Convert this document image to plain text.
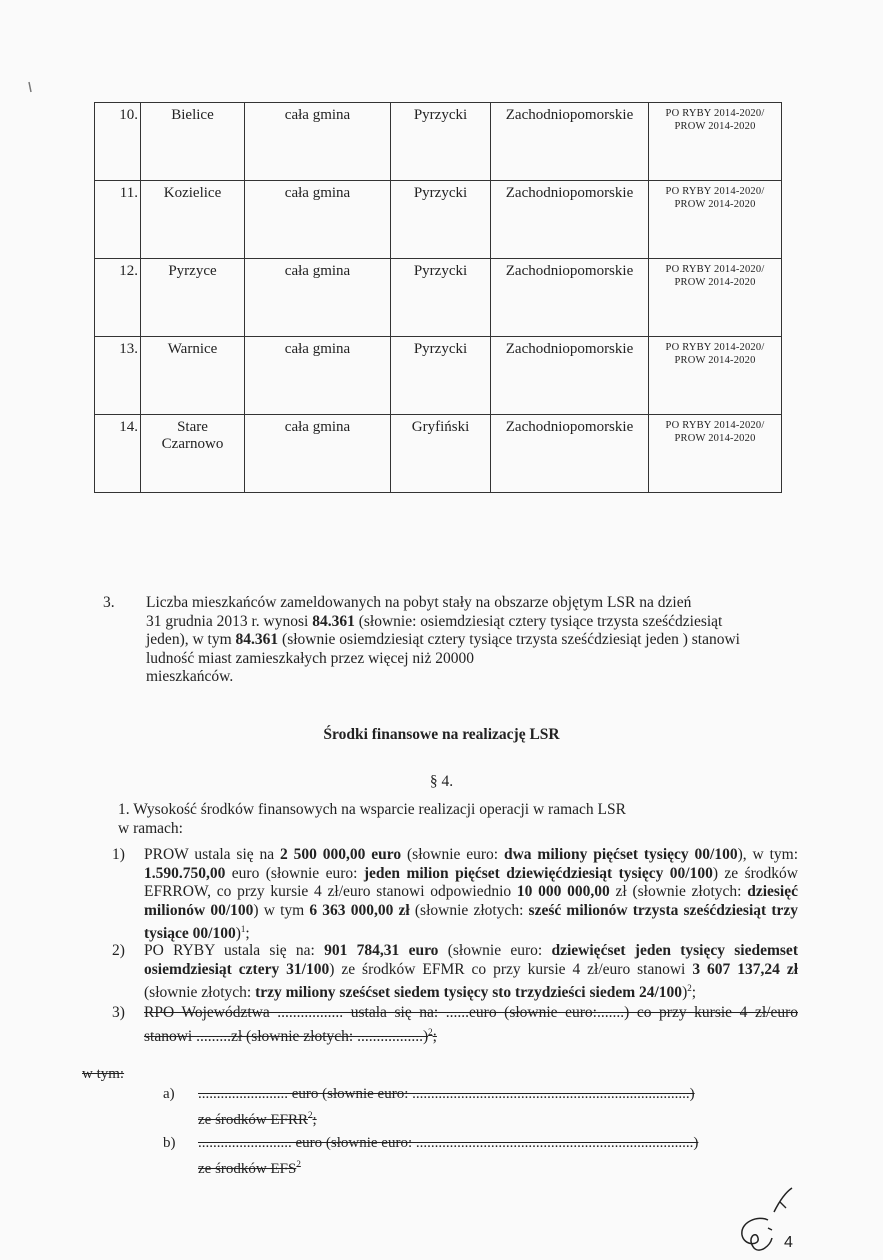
10.	Bielice	cała gmina	Pyrzycki	Zachodniopomorskie	PO RYBY 2014-2020/
PROW 2014-2020

11.	Kozielice	cała gmina	Pyrzycki	Zachodniopomorskie	PO RYBY 2014-2020/
PROW 2014-2020

12.	Pyrzyce	cała gmina	Pyrzycki	Zachodniopomorskie	PO RYBY 2014-2020/
PROW 2014-2020

13.	Warnice	cała gmina	Pyrzycki	Zachodniopomorskie	PO RYBY 2014-2020/
PROW 2014-2020

14.	Stare Czarnowo	cała gmina	Gryfiński	Zachodniopomorskie	PO RYBY 2014-2020/
PROW 2014-2020
3. Liczba mieszkańców zameldowanych na pobyt stały na obszarze objętym LSR na dzień
31 grudnia 2013 r. wynosi 84.361 (słownie: osiemdziesiąt cztery tysiące trzysta sześćdziesiąt
jeden), w tym 84.361 (słownie osiemdziesiąt cztery tysiące trzysta sześćdziesiąt jeden ) stanowi
ludność miast zamieszkałych przez więcej niż 20000
mieszkańców.
Środki finansowe na realizację LSR
§ 4.
1. Wysokość środków finansowych na wsparcie realizacji operacji w ramach LSR
w ramach:
1) PROW ustala się na 2 500 000,00 euro (słownie euro: dwa miliony pięćset tysięcy 00/100), w tym: 1.590.750,00 euro (słownie euro: jeden milion pięćset dziewięćdziesiąt tysięcy 00/100) ze środków EFRROW, co przy kursie 4 zł/euro stanowi odpowiednio 10 000 000,00 zł (słownie złotych: dziesięć milionów 00/100) w tym 6 363 000,00 zł (słownie złotych: sześć milionów trzysta sześćdziesiąt trzy tysiące 00/100)$^1$;
2) PO RYBY ustala się na: 901 784,31 euro (słownie euro: dziewięćset jeden tysięcy siedemset osiemdziesiąt cztery 31/100) ze środków EFMR co przy kursie 4 zł/euro stanowi 3 607 137,24 zł (słownie złotych: trzy miliony sześćset siedem tysięcy sto trzydzieści siedem 24/100)$^2$;
3) RPO Województwa ................. ustala się na: ......euro (słownie euro:.......) co przy kursie 4 zł/euro stanowi .........zł (słownie złotych: .................)$^2$;
w tym:
a) ........................ euro (słownie euro: ..........................................................................)
ze środków EFRR$^2$;
b) ......................... euro (słownie euro: ..........................................................................)
ze środków EFS$^2$
4
